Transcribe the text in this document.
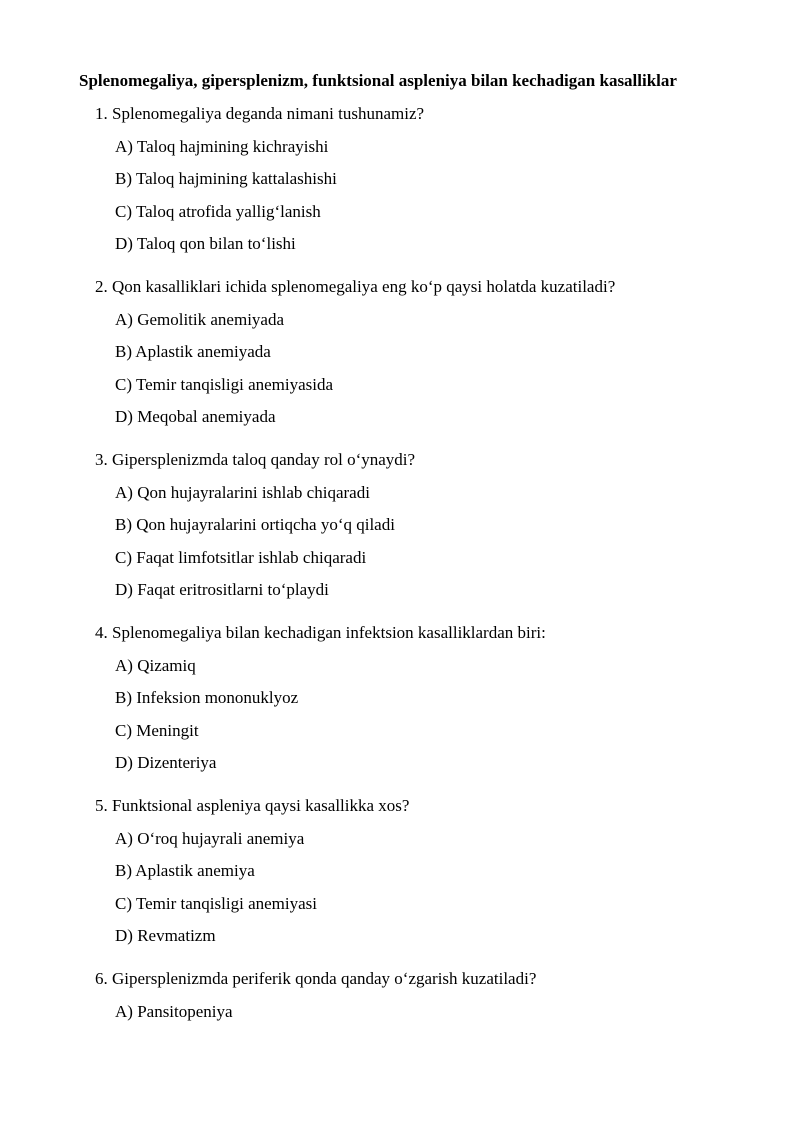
Splenomegaliya, gipersplenizm, funktsional aspleniya bilan kechadigan kasalliklar
1. Splenomegaliya deganda nimani tushunamiz?
A) Taloq hajmining kichrayishi
B) Taloq hajmining kattalashishi
C) Taloq atrofida yallig‘lanish
D) Taloq qon bilan to‘lishi
2. Qon kasalliklari ichida splenomegaliya eng ko‘p qaysi holatda kuzatiladi?
A) Gemolitik anemiyada
B) Aplastik anemiyada
C) Temir tanqisligi anemiyasida
D) Meqobal anemiyada
3. Gipersplenizmda taloq qanday rol o‘ynaydi?
A) Qon hujayralarini ishlab chiqaradi
B) Qon hujayralarini ortiqcha yo‘q qiladi
C) Faqat limfotsitlar ishlab chiqaradi
D) Faqat eritrositlarni to‘playdi
4. Splenomegaliya bilan kechadigan infektsion kasalliklardan biri:
A) Qizamiq
B) Infeksion mononuklyoz
C) Meningit
D) Dizenteriya
5. Funktsional aspleniya qaysi kasallikka xos?
A) O‘roq hujayrali anemiya
B) Aplastik anemiya
C) Temir tanqisligi anemiyasi
D) Revmatizm
6. Gipersplenizmda periferik qonda qanday o‘zgarish kuzatiladi?
A) Pansitopeniya
